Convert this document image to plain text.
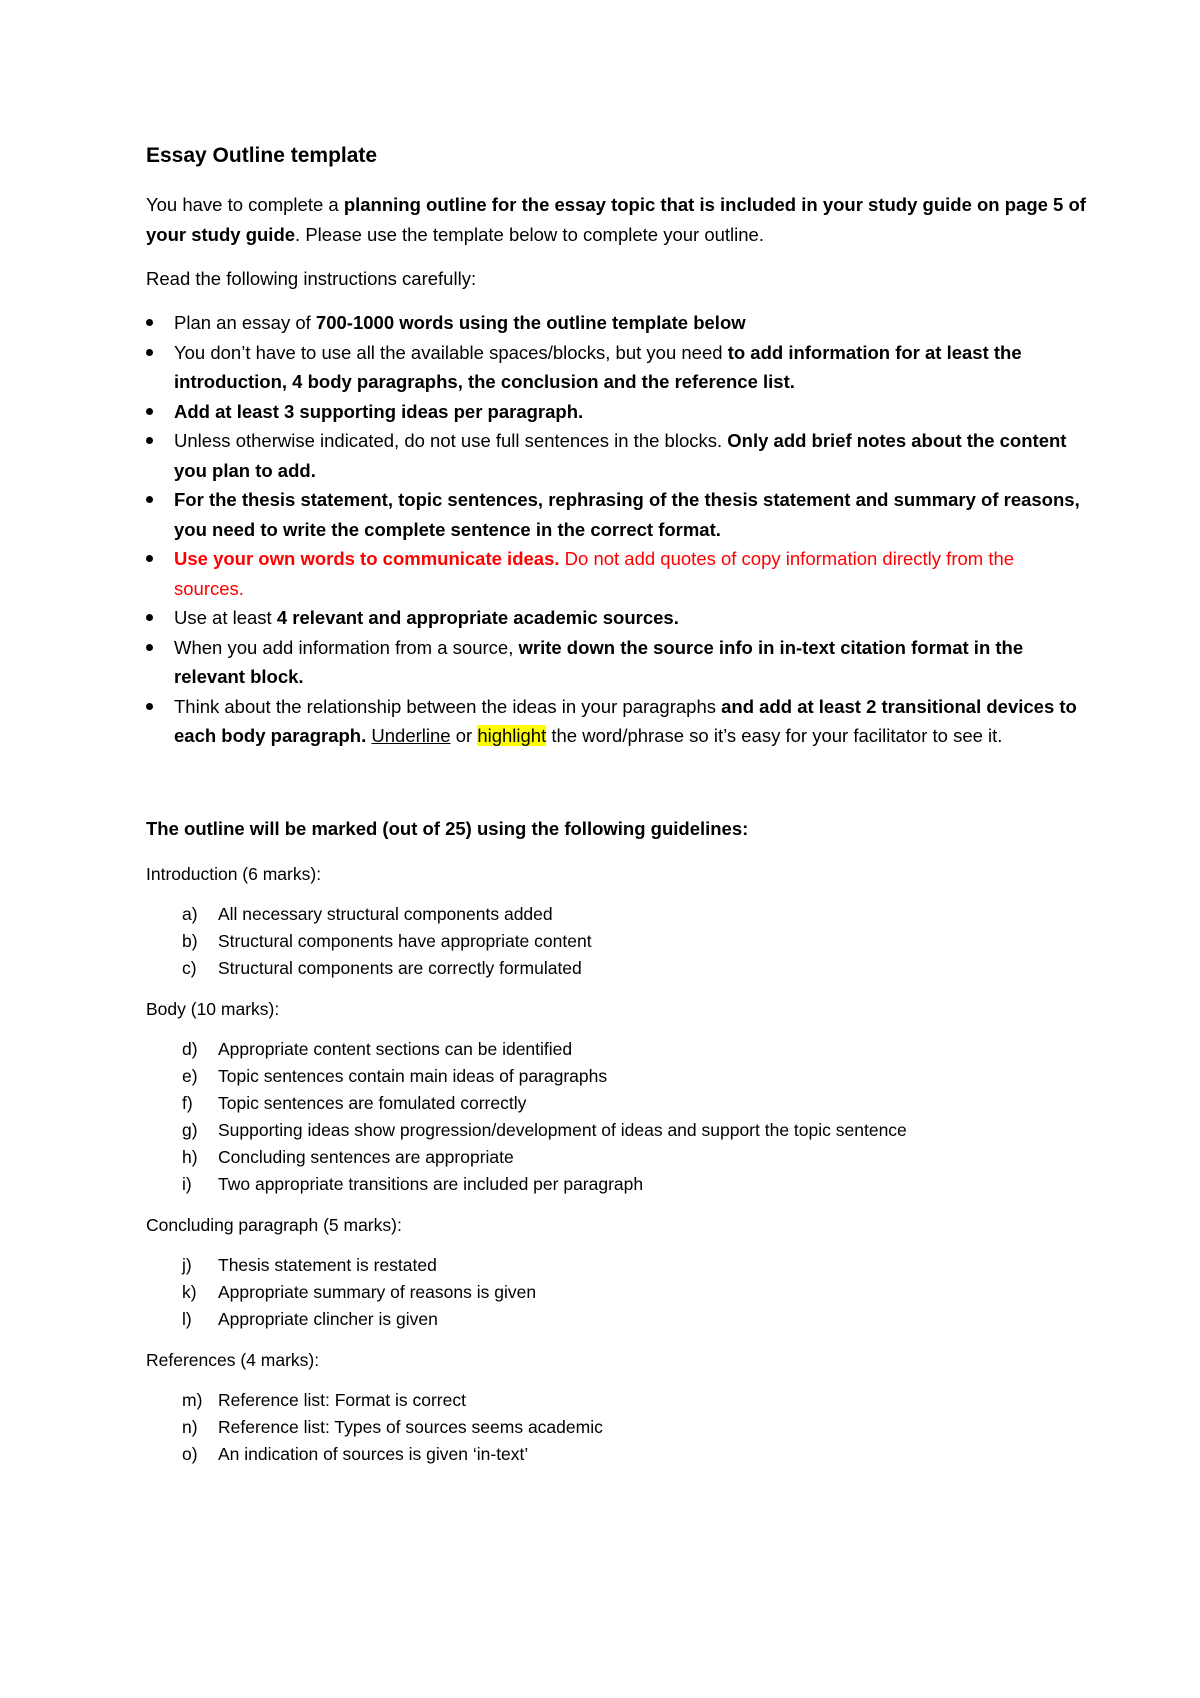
Essay Outline template

You have to complete a planning outline for the essay topic that is included in your study guide on page 5 of your study guide. Please use the template below to complete your outline.

Read the following instructions carefully:

Plan an essay of 700-1000 words using the outline template below
You don’t have to use all the available spaces/blocks, but you need to add information for at least the introduction, 4 body paragraphs, the conclusion and the reference list.
Add at least 3 supporting ideas per paragraph.
Unless otherwise indicated, do not use full sentences in the blocks. Only add brief notes about the content you plan to add.
For the thesis statement, topic sentences, rephrasing of the thesis statement and summary of reasons, you need to write the complete sentence in the correct format.
Use your own words to communicate ideas. Do not add quotes of copy information directly from the sources.
Use at least 4 relevant and appropriate academic sources.
When you add information from a source, write down the source info in in-text citation format in the relevant block.
Think about the relationship between the ideas in your paragraphs and add at least 2 transitional devices to each body paragraph. Underline or highlight the word/phrase so it’s easy for your facilitator to see it.
The outline will be marked (out of 25) using the following guidelines:
Introduction (6 marks):
a) All necessary structural components added
b) Structural components have appropriate content
c) Structural components are correctly formulated
Body (10 marks):
d) Appropriate content sections can be identified
e) Topic sentences contain main ideas of paragraphs
f) Topic sentences are fomulated correctly
g) Supporting ideas show progression/development of ideas and support the topic sentence
h) Concluding sentences are appropriate
i) Two appropriate transitions are included per paragraph
Concluding paragraph (5 marks):
j) Thesis statement is restated
k) Appropriate summary of reasons is given
l) Appropriate clincher is given
References (4 marks):
m) Reference list: Format is correct
n) Reference list: Types of sources seems academic
o) An indication of sources is given ‘in-text’
